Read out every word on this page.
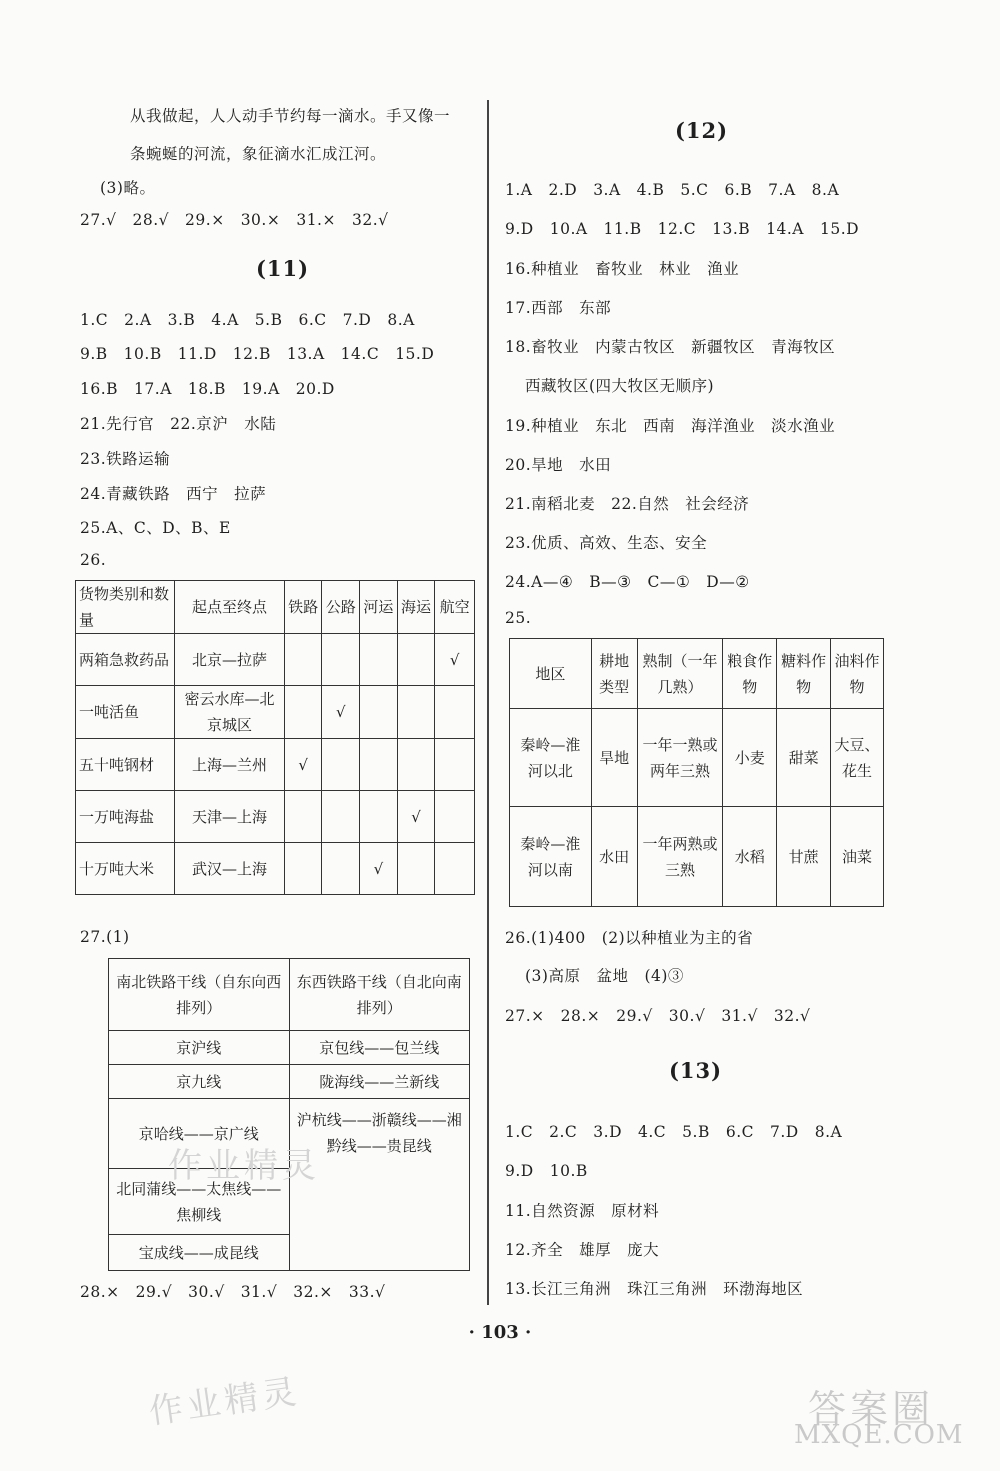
从我做起，人人动手节约每一滴水。手又像一
条蜿蜒的河流，象征滴水汇成江河。
(3)略。
27.√　28.√　29.×　30.×　31.×　32.√
(11)
1.C　2.A　3.B　4.A　5.B　6.C　7.D　8.A
9.B　10.B　11.D　12.B　13.A　14.C　15.D
16.B　17.A　18.B　19.A　20.D
21.先行官　22.京沪　水陆
23.铁路运输
24.青藏铁路　西宁　拉萨
25.A、C、D、B、E
26.
货物类别和数量	起点至终点	铁路	公路	河运	海运	航空
两箱急救药品	北京—拉萨					√
一吨活鱼	密云水库—北京城区		√			
五十吨钢材	上海—兰州	√				
一万吨海盐	天津—上海				√	
十万吨大米	武汉—上海			√		
27.(1)
南北铁路干线（自东向西排列）	东西铁路干线（自北向南排列）
京沪线	京包线——包兰线
京九线	陇海线——兰新线
京哈线——京广线	沪杭线——浙赣线——湘黔线——贵昆线
北同蒲线——太焦线——焦柳线	
宝成线——成昆线	
28.×　29.√　30.√　31.√　32.×　33.√
(12)
1.A　2.D　3.A　4.B　5.C　6.B　7.A　8.A
9.D　10.A　11.B　12.C　13.B　14.A　15.D
16.种植业　畜牧业　林业　渔业
17.西部　东部
18.畜牧业　内蒙古牧区　新疆牧区　青海牧区
西藏牧区(四大牧区无顺序)
19.种植业　东北　西南　海洋渔业　淡水渔业
20.旱地　水田
21.南稻北麦　22.自然　社会经济
23.优质、高效、生态、安全
24.A—④　B—③　C—①　D—②
25.
地区	耕地类型	熟制（一年几熟）	粮食作物	糖料作物	油料作物
秦岭—淮河以北	旱地	一年一熟或两年三熟	小麦	甜菜	大豆、花生
秦岭—淮河以南	水田	一年两熟或三熟	水稻	甘蔗	油菜
26.(1)400　(2)以种植业为主的省
(3)高原　盆地　(4)③
27.×　28.×　29.√　30.√　31.√　32.√
(13)
1.C　2.C　3.D　4.C　5.B　6.C　7.D　8.A
9.D　10.B
11.自然资源　原材料
12.齐全　雄厚　庞大
13.长江三角洲　珠江三角洲　环渤海地区
· 103 ·
作业精灵
作业精灵	答案圈
MXQE.COM
